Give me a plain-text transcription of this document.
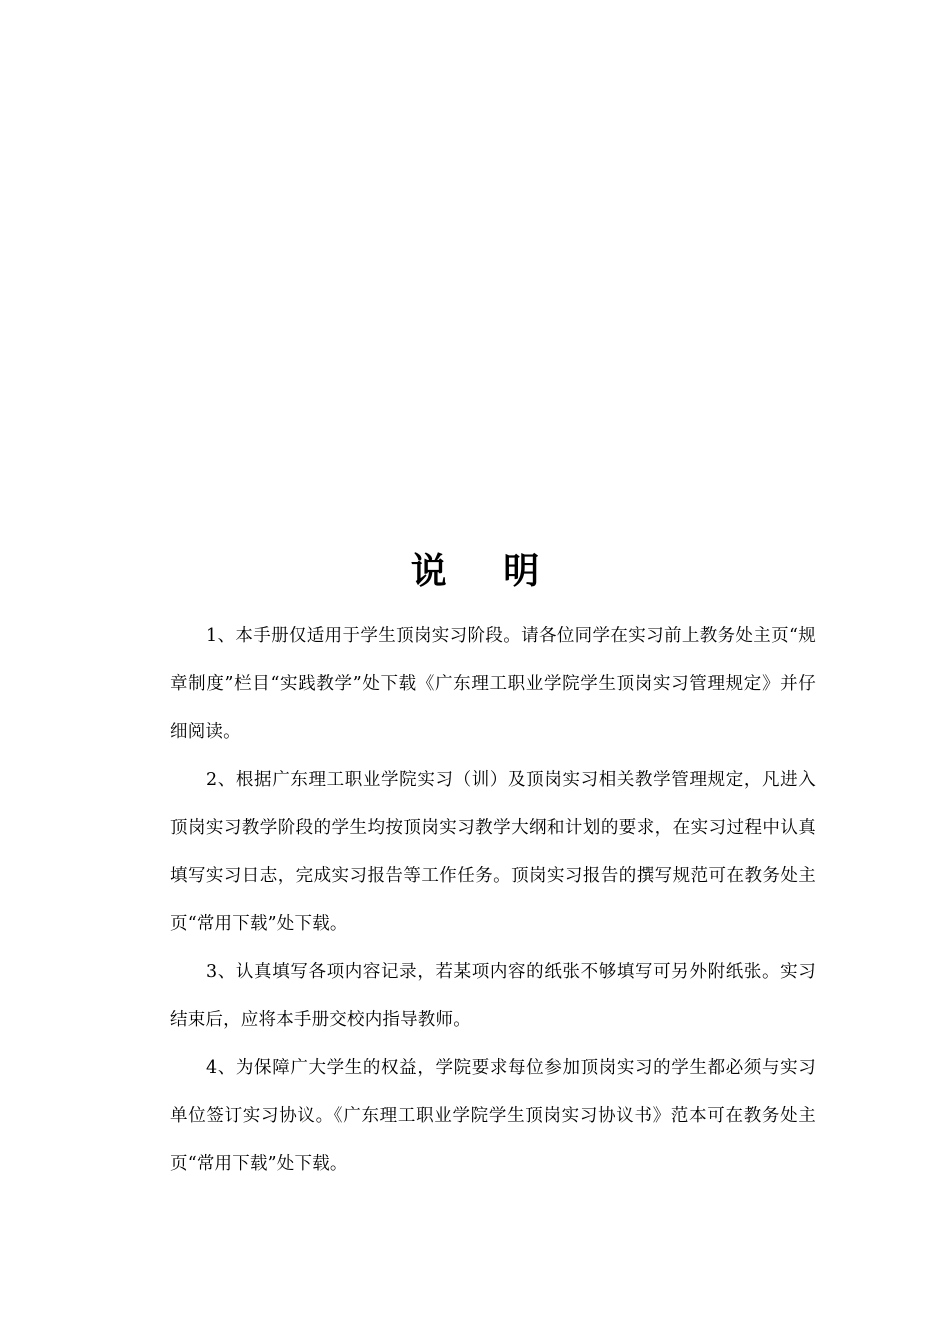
说 明

1、本手册仅适用于学生顶岗实习阶段。请各位同学在实习前上教务处主页“规章制度”栏目“实践教学”处下载《广东理工职业学院学生顶岗实习管理规定》并仔细阅读。

2、根据广东理工职业学院实习（训）及顶岗实习相关教学管理规定，凡进入顶岗实习教学阶段的学生均按顶岗实习教学大纲和计划的要求，在实习过程中认真填写实习日志，完成实习报告等工作任务。顶岗实习报告的撰写规范可在教务处主页“常用下载”处下载。

3、认真填写各项内容记录，若某项内容的纸张不够填写可另外附纸张。实习结束后，应将本手册交校内指导教师。

4、为保障广大学生的权益，学院要求每位参加顶岗实习的学生都必须与实习单位签订实习协议。《广东理工职业学院学生顶岗实习协议书》范本可在教务处主页“常用下载”处下载。
